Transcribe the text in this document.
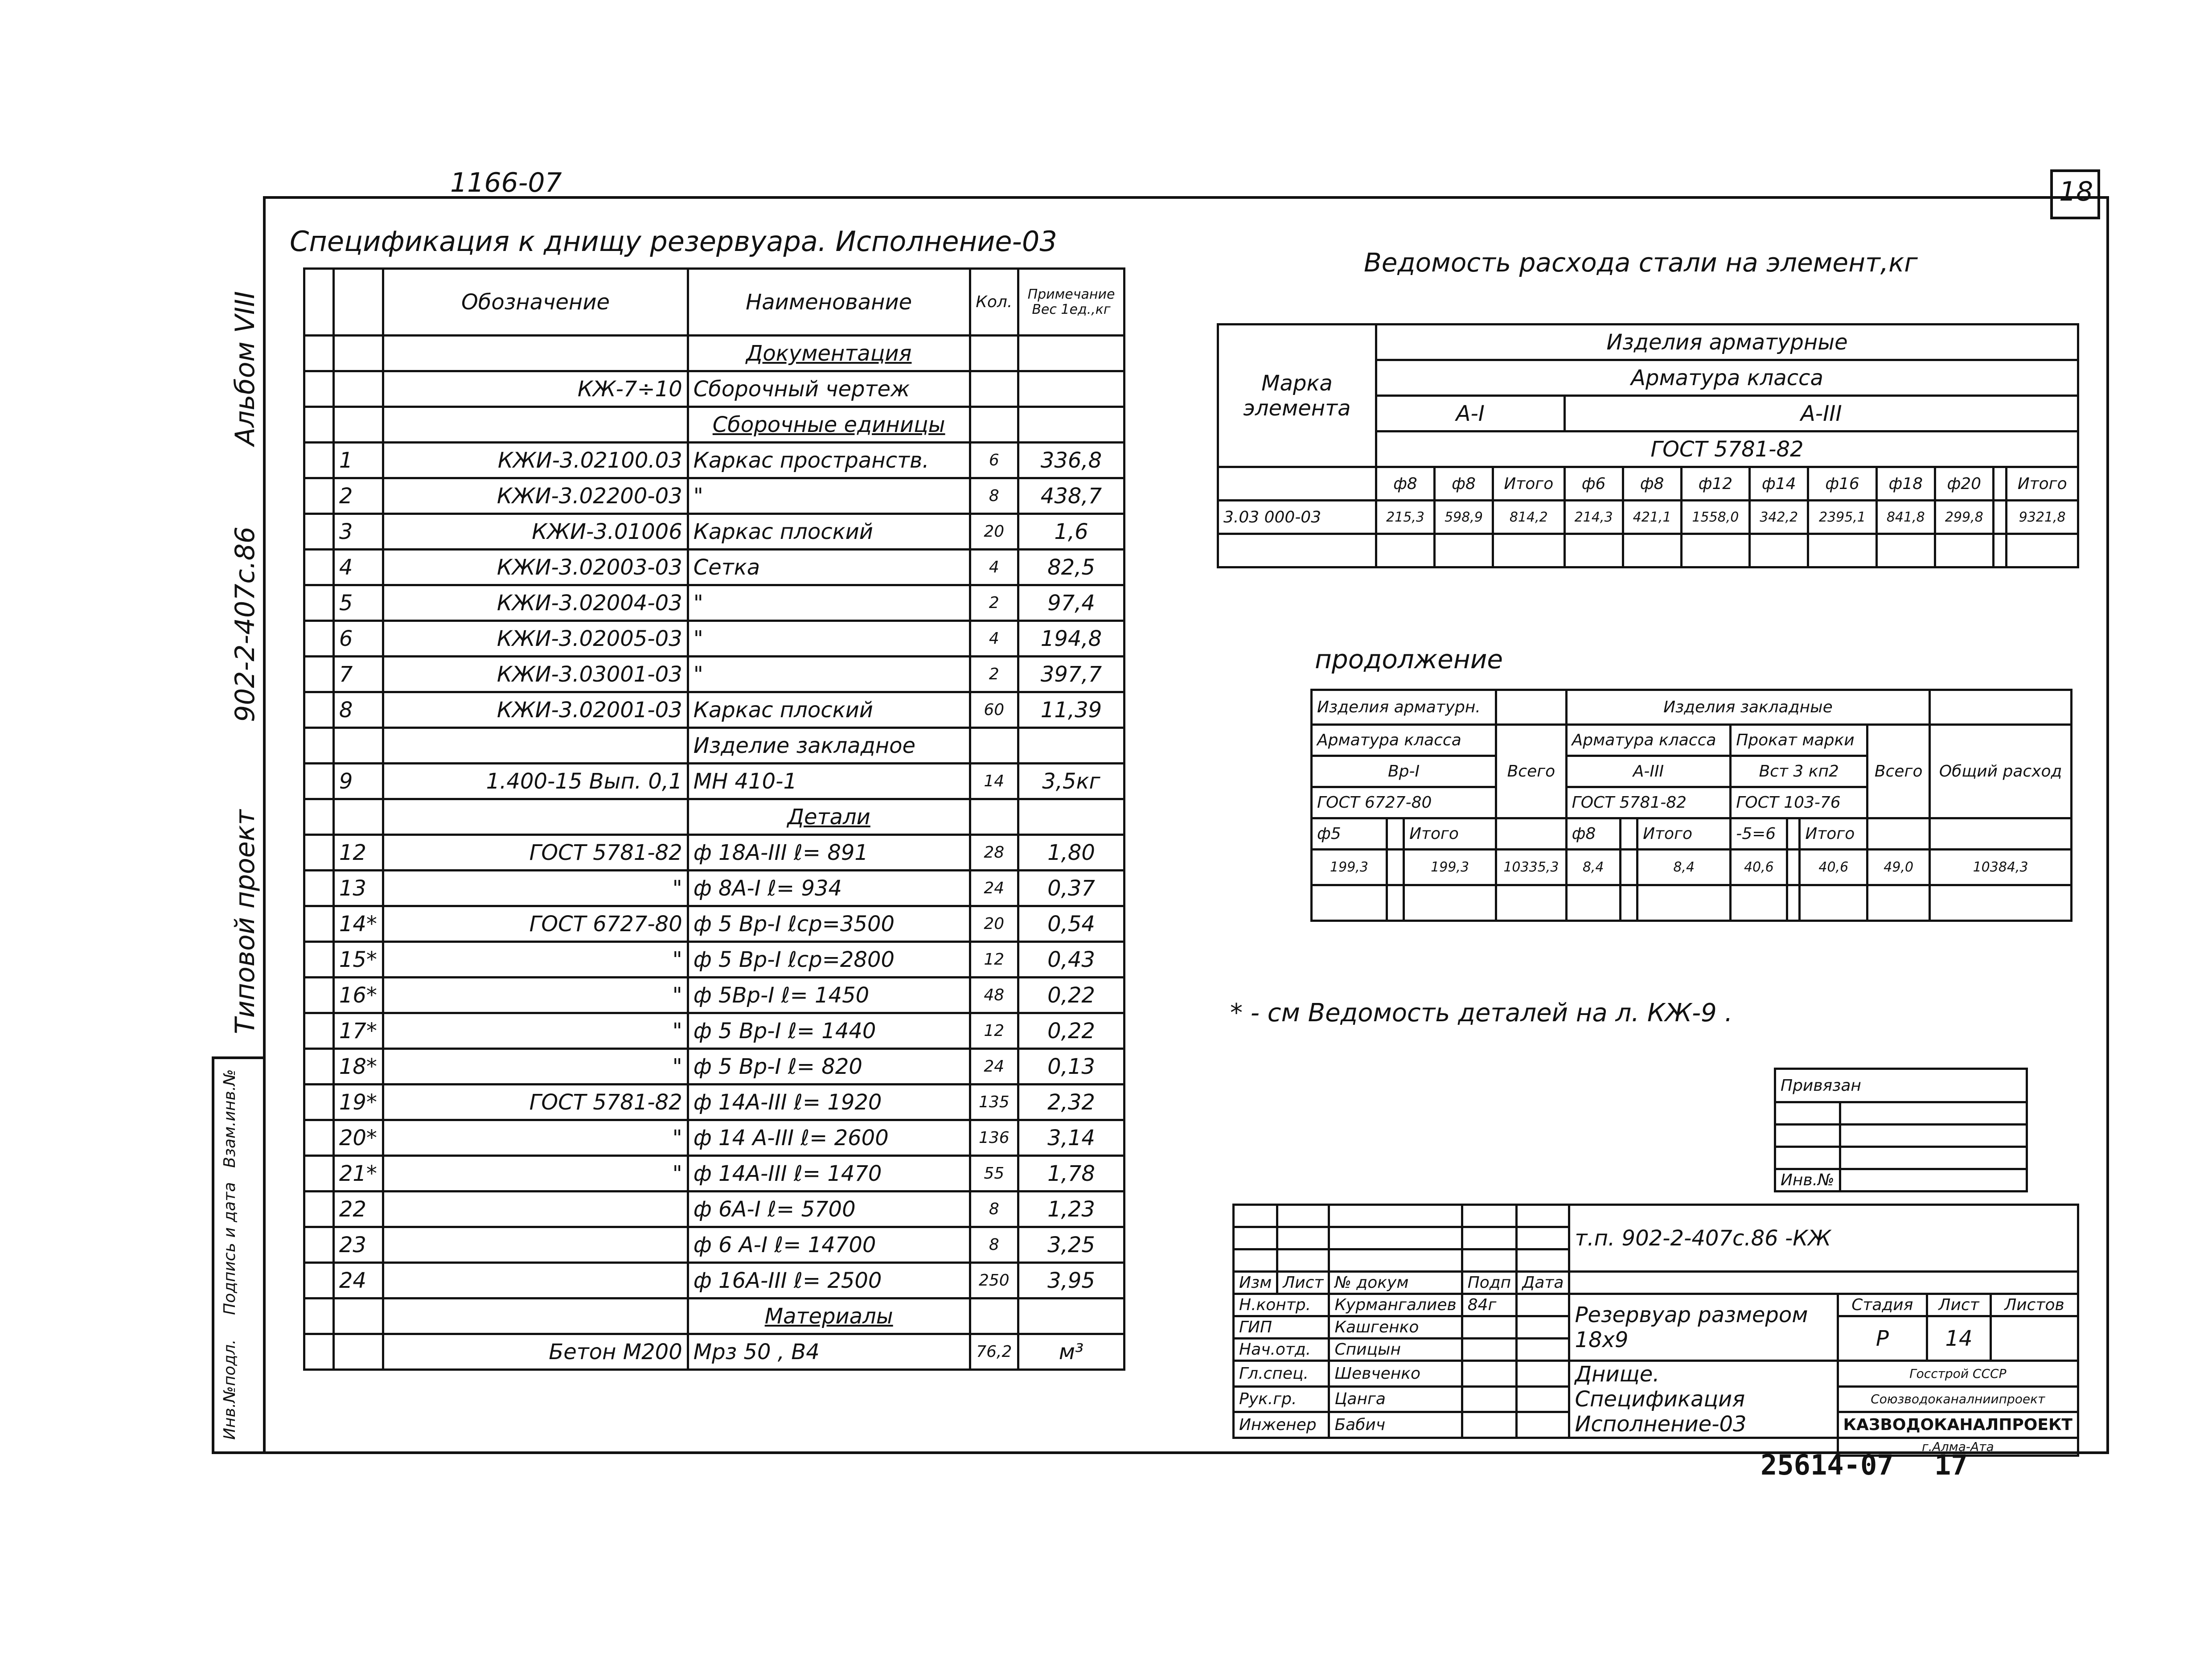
1166-07	18
Альбом VIII
902-2-407с.86
Типовой проект
Инв.№подл.
Подпись и дата
Взам.инв.№
Спецификация к днищу резервуара. Исполнение-03
		Обозначение	Наименование	Кол.	Примечание Вес 1ед.,кг
			Документация		
		КЖ-7÷10	Сборочный чертеж		
			Сборочные единицы		
	1	КЖИ-3.02100.03	Каркас пространств.	6	336,8
	2	КЖИ-3.02200-03	"	8	438,7
	3	КЖИ-3.01006	Каркас плоский	20	1,6
	4	КЖИ-3.02003-03	Сетка	4	82,5
	5	КЖИ-3.02004-03	"	2	97,4
	6	КЖИ-3.02005-03	"	4	194,8
	7	КЖИ-3.03001-03	"	2	397,7
	8	КЖИ-3.02001-03	Каркас плоский	60	11,39
			Изделие закладное		
	9	1.400-15 Вып. 0,1	МН 410-1	14	3,5кг
			Детали		
	12	ГОСТ 5781-82	ф 18А-III ℓ= 891	28	1,80
	13	"	ф 8А-I ℓ= 934	24	0,37
	14*	ГОСТ 6727-80	ф 5 Вр-I ℓср=3500	20	0,54
	15*	"	ф 5 Вр-I ℓср=2800	12	0,43
	16*	"	ф 5Вр-I ℓ= 1450	48	0,22
	17*	"	ф 5 Вр-I ℓ= 1440	12	0,22
	18*	"	ф 5 Вр-I ℓ= 820	24	0,13
	19*	ГОСТ 5781-82	ф 14А-III ℓ= 1920	135	2,32
	20*	"	ф 14 А-III ℓ= 2600	136	3,14
	21*	"	ф 14А-III ℓ= 1470	55	1,78
	22		ф 6А-I ℓ= 5700	8	1,23
	23		ф 6 А-I ℓ= 14700	8	3,25
	24		ф 16А-III ℓ= 2500	250	3,95
			Материалы		
		Бетон М200	Мрз 50 , В4	76,2	м³
Ведомость расхода стали на элемент,кг
Марка элемента	Изделия арматурные											
	Арматура класса											
	А-I			А-III								
	ГОСТ 5781-82											
	ф8	ф8	Итого	ф6	ф8	ф12	ф14	ф16	ф18	ф20		Итого
3.03 000-03	215,3	598,9	814,2	214,3	421,1	1558,0	342,2	2395,1	841,8	299,8		9321,8

продолжение
Изделия арматурн.				Изделия закладные							
Арматура класса			Всего	Арматура класса			Прокат марки			Всего	Общий расход
Вр-I				А-III			Вст 3 кп2				
ГОСТ 6727-80				ГОСТ 5781-82			ГОСТ 103-76				
ф5		Итого		ф8		Итого	-5=6		Итого		
199,3		199,3	10335,3	8,4		8,4	40,6		40,6	49,0	10384,3

* - см Ведомость деталей на л. КЖ-9 .
Привязан	

Инв.№	
					т.п. 902-2-407с.86 -КЖ			

Изм	Лист	№ докум	Подп	Дата				
Н.контр.		Курмангалиев	84г		Резервуар размером 18х9	Стадия	Лист	Листов
ГИП		Кашгенко				Р	14	
Нач.отд.		Спицын						
Гл.спец.		Шевченко			Днище. Спецификация Исполнение-03	Госстрой СССР		
Рук.гр.		Цанга				Союзводоканалниипроект		
Инженер		Бабич				КАЗВОДОКАНАЛПРОЕКТ		
						г.Алма-Ата		
25614-07 17
